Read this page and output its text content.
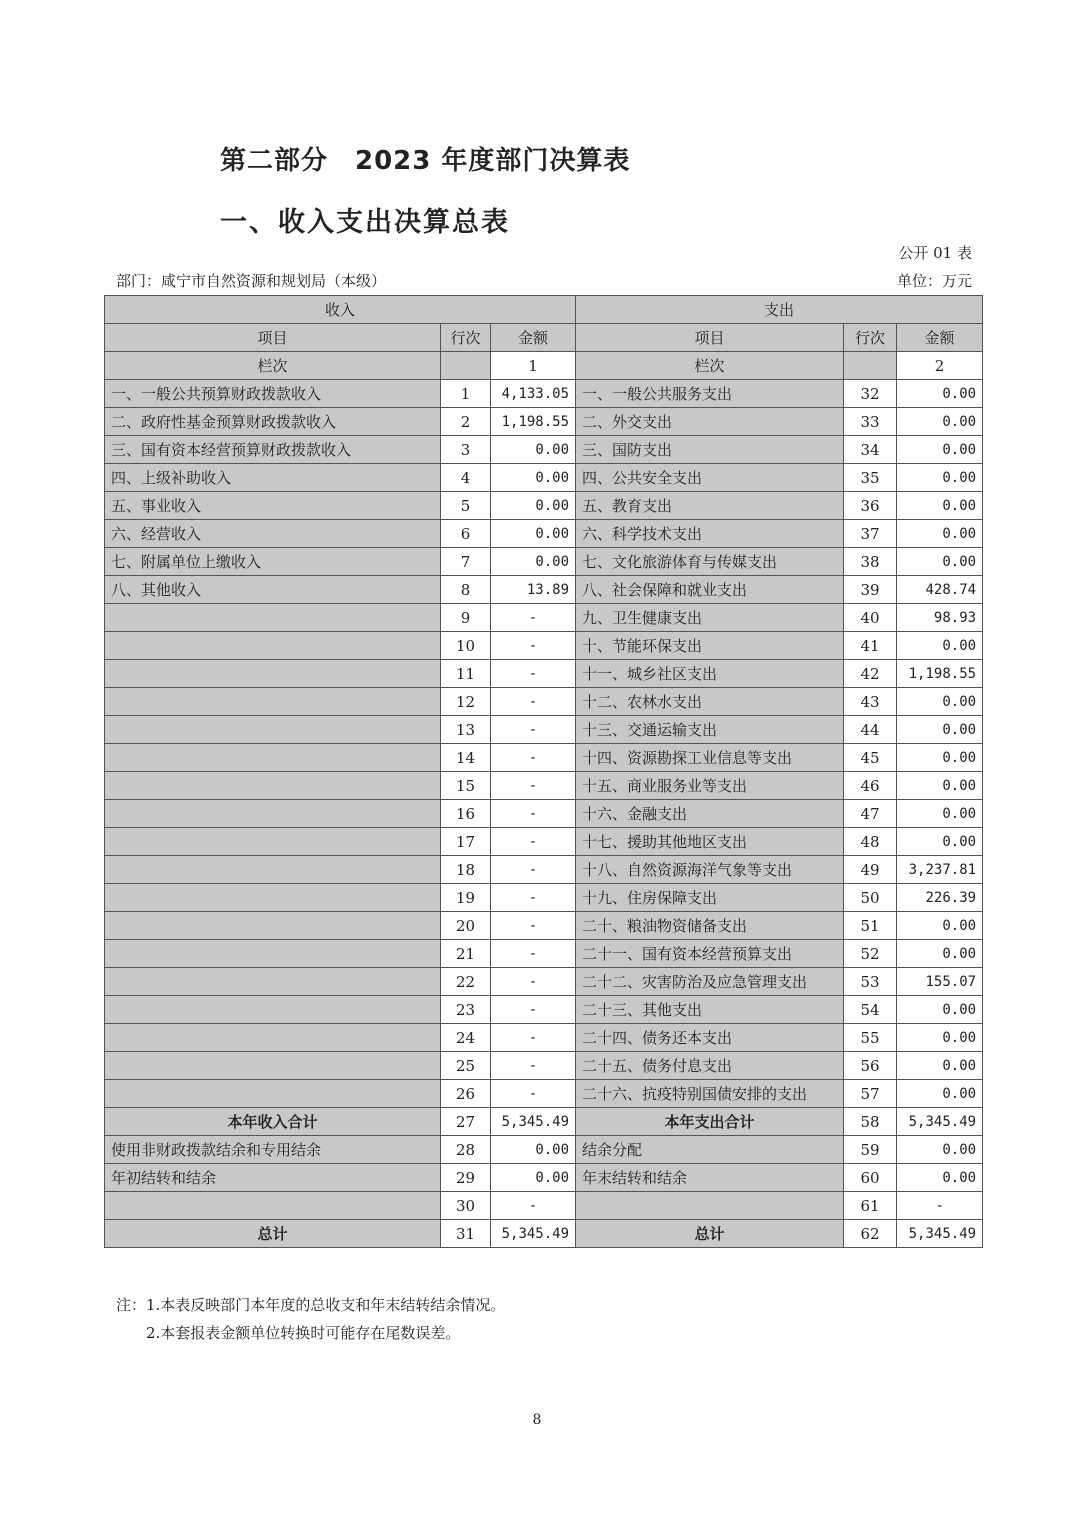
第二部分　2023 年度部门决算表
一、收入支出决算总表
公开 01 表
部门：咸宁市自然资源和规划局（本级）	单位：万元
收入			支出		
项目	行次	金额	项目	行次	金额
栏次		1	栏次		2
一、一般公共预算财政拨款收入	1	4,133.05	一、一般公共服务支出	32	0.00
二、政府性基金预算财政拨款收入	2	1,198.55	二、外交支出	33	0.00
三、国有资本经营预算财政拨款收入	3	0.00	三、国防支出	34	0.00
四、上级补助收入	4	0.00	四、公共安全支出	35	0.00
五、事业收入	5	0.00	五、教育支出	36	0.00
六、经营收入	6	0.00	六、科学技术支出	37	0.00
七、附属单位上缴收入	7	0.00	七、文化旅游体育与传媒支出	38	0.00
八、其他收入	8	13.89	八、社会保障和就业支出	39	428.74
	9	-	九、卫生健康支出	40	98.93
	10	-	十、节能环保支出	41	0.00
	11	-	十一、城乡社区支出	42	1,198.55
	12	-	十二、农林水支出	43	0.00
	13	-	十三、交通运输支出	44	0.00
	14	-	十四、资源勘探工业信息等支出	45	0.00
	15	-	十五、商业服务业等支出	46	0.00
	16	-	十六、金融支出	47	0.00
	17	-	十七、援助其他地区支出	48	0.00
	18	-	十八、自然资源海洋气象等支出	49	3,237.81
	19	-	十九、住房保障支出	50	226.39
	20	-	二十、粮油物资储备支出	51	0.00
	21	-	二十一、国有资本经营预算支出	52	0.00
	22	-	二十二、灾害防治及应急管理支出	53	155.07
	23	-	二十三、其他支出	54	0.00
	24	-	二十四、债务还本支出	55	0.00
	25	-	二十五、债务付息支出	56	0.00
	26	-	二十六、抗疫特别国债安排的支出	57	0.00
本年收入合计	27	5,345.49	本年支出合计	58	5,345.49
使用非财政拨款结余和专用结余	28	0.00	结余分配	59	0.00
年初结转和结余	29	0.00	年末结转和结余	60	0.00
	30	-		61	-
总计	31	5,345.49	总计	62	5,345.49
注：1.本表反映部门本年度的总收支和年末结转结余情况。
2.本套报表金额单位转换时可能存在尾数误差。
8
